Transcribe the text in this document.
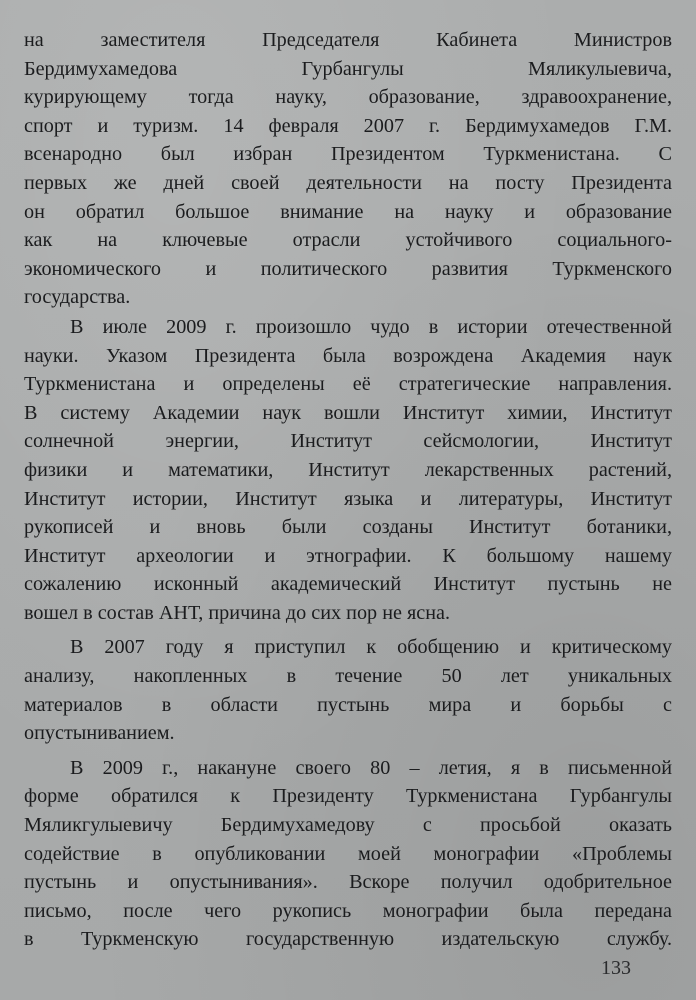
на заместителя Председателя Кабинета Министров
Бердимухамедова Гурбангулы Мяликулыевича,
курирующему тогда науку, образование, здравоохранение,
спорт и туризм. 14 февраля 2007 г. Бердимухамедов Г.М.
всенародно был избран Президентом Туркменистана. С
первых же дней своей деятельности на посту Президента
он обратил большое внимание на науку и образование
как на ключевые отрасли устойчивого социального-
экономического и политического развития Туркменского
государства.

В июле 2009 г. произошло чудо в истории отечественной
науки. Указом Президента была возрождена Академия наук
Туркменистана и определены её стратегические направления.
В систему Академии наук вошли Институт химии, Институт
солнечной энергии, Институт сейсмологии, Институт
физики и математики, Институт лекарственных растений,
Институт истории, Институт языка и литературы, Институт
рукописей и вновь были созданы Институт ботаники,
Институт археологии и этнографии. К большому нашему
сожалению исконный академический Институт пустынь не
вошел в состав АНТ, причина до сих пор не ясна.

В 2007 году я приступил к обобщению и критическому
анализу, накопленных в течение 50 лет уникальных
материалов в области пустынь мира и борьбы с
опустыниванием.

В 2009 г., накануне своего 80 – летия, я в письменной
форме обратился к Президенту Туркменистана Гурбангулы
Мяликгулыевичу Бердимухамедову с просьбой оказать
содействие в опубликовании моей монографии «Проблемы
пустынь и опустынивания». Вскоре получил одобрительное
письмо, после чего рукопись монографии была передана
в Туркменскую государственную издательскую службу.

133
